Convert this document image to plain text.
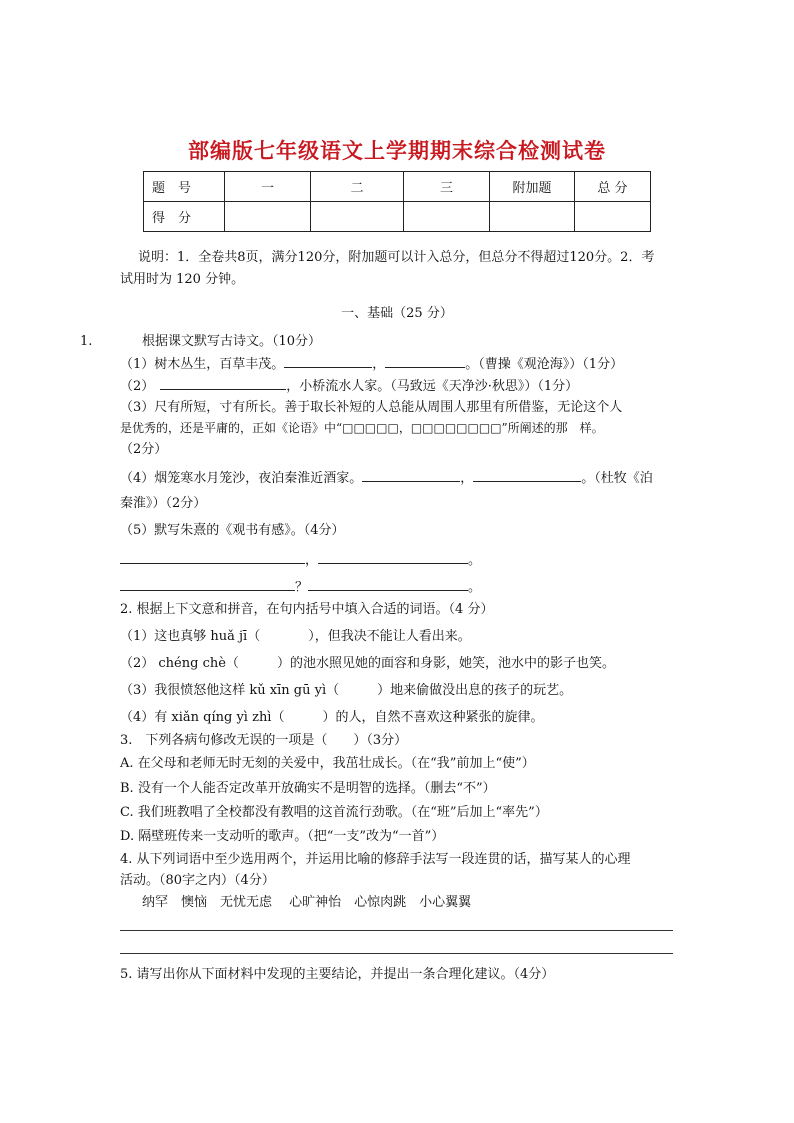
部编版七年级语文上学期期末综合检测试卷
题　号	一	二	三	附加题	总 分
得　分					
说明：1．全卷共8页，满分120分，附加题可以计入总分，但总分不得超过120分。2．考
试用时为 120 分钟。
一、基础（25 分）
1.	根据课文默写古诗文。（10分）
（1）树木丛生，百草丰茂。	，	。（曹操《观沧海》）（1分）
（2）	，小桥流水人家。（马致远《天净沙·秋思》）（1分）
（3）尺有所短，寸有所长。善于取长补短的人总能从周围人那里有所借鉴，无论这个人
是优秀的，还是平庸的，正如《论语》中“□□□□□，□□□□□□□□”所阐述的那　样。
（2分）
（4）烟笼寒水月笼沙，夜泊秦淮近酒家。	，	。（杜牧《泊
秦淮》）（2分）
（5）默写朱熹的《观书有感》。（4分）
，	。
？	。
2. 根据上下文意和拼音，在句内括号中填入合适的词语。（4 分）
（1）这也真够 huǎ jī（	），但我决不能让人看出来。
（2） chéng chè（	）的池水照见她的面容和身影，她笑，池水中的影子也笑。
（3）我很愤怒他这样 kǔ xīn gū yì（	）地来偷做没出息的孩子的玩艺。
（4）有 xiǎn qíng yì zhì（	）的人，自然不喜欢这种紧张的旋律。
3.　下列各病句修改无误的一项是（　　）（3分）
A. 在父母和老师无时无刻的关爱中，我茁壮成长。（在“我”前加上“使”）
B. 没有一个人能否定改革开放确实不是明智的选择。（删去“不”）
C. 我们班教唱了全校都没有教唱的这首流行劲歌。（在“班”后加上“率先”）
D. 隔壁班传来一支动听的歌声。（把“一支”改为“一首”）
4. 从下列词语中至少选用两个，并运用比喻的修辞手法写一段连贯的话，描写某人的心理
活动。（80字之内）（4分）
纳罕　懊恼　无忧无虑　 心旷神怡　心惊肉跳　小心翼翼
5. 请写出你从下面材料中发现的主要结论，并提出一条合理化建议。（4分）
